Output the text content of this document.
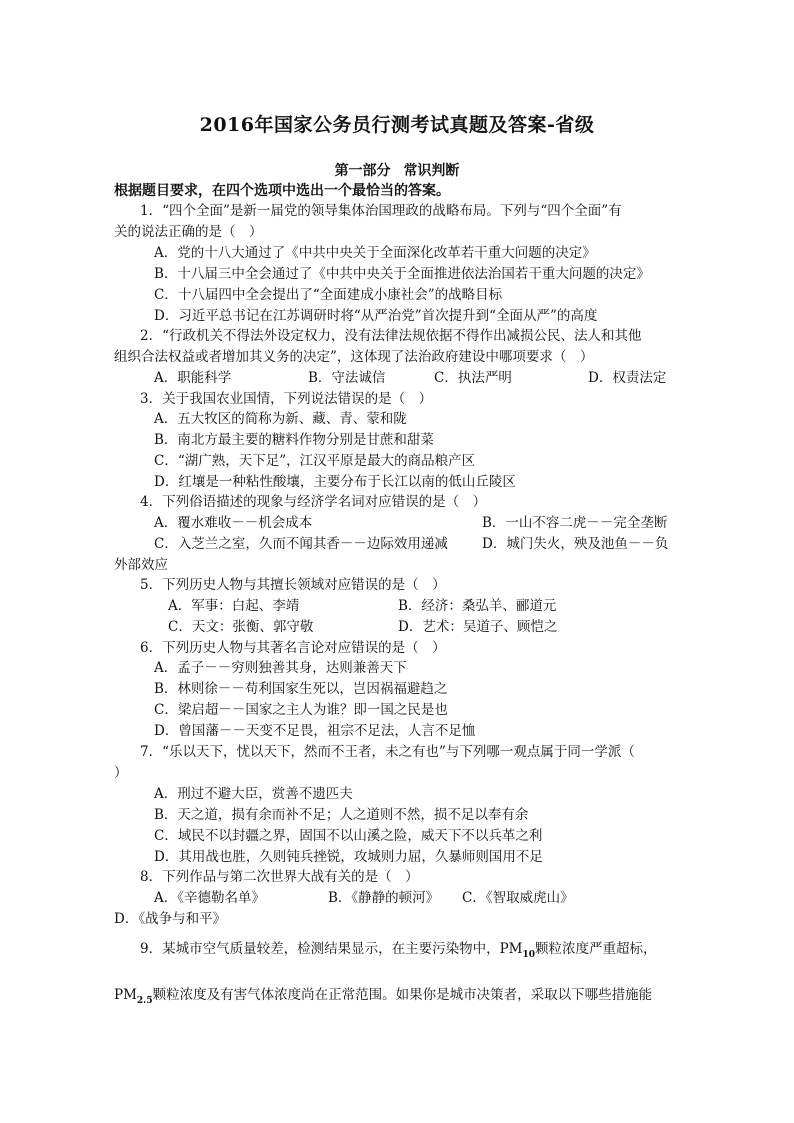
2016年国家公务员行测考试真题及答案-省级
第一部分 常识判断
根据题目要求，在四个选项中选出一个最恰当的答案。
1．“四个全面”是新一届党的领导集体治国理政的战略布局。下列与“四个全面”有
关的说法正确的是（　）
A．党的十八大通过了《中共中央关于全面深化改革若干重大问题的决定》
B．十八届三中全会通过了《中共中央关于全面推进依法治国若干重大问题的决定》
C．十八届四中全会提出了“全面建成小康社会”的战略目标
D．习近平总书记在江苏调研时将“从严治党”首次提升到“全面从严”的高度
2．“行政机关不得法外设定权力，没有法律法规依据不得作出减损公民、法人和其他
组织合法权益或者增加其义务的决定”，这体现了法治政府建设中哪项要求（　）
A．职能科学	B．守法诚信	C．执法严明	D．权责法定
3．关于我国农业国情，下列说法错误的是（　）
A．五大牧区的简称为新、藏、青、蒙和陇
B．南北方最主要的糖料作物分别是甘蔗和甜菜
C．“湖广熟，天下足”，江汉平原是最大的商品粮产区
D．红壤是一种粘性酸壤，主要分布于长江以南的低山丘陵区
4．下列俗语描述的现象与经济学名词对应错误的是（　）
A．覆水难收－－机会成本	B．一山不容二虎－－完全垄断
C．入芝兰之室，久而不闻其香－－边际效用递减	D．城门失火，殃及池鱼－－负
外部效应
5．下列历史人物与其擅长领域对应错误的是（　）
A．军事：白起、李靖	B．经济：桑弘羊、郦道元
C．天文：张衡、郭守敬	D．艺术：吴道子、顾恺之
6．下列历史人物与其著名言论对应错误的是（　）
A．孟子－－穷则独善其身，达则兼善天下
B．林则徐－－苟利国家生死以，岂因祸福避趋之
C．梁启超－－国家之主人为谁？即一国之民是也
D．曾国藩－－天变不足畏，祖宗不足法，人言不足恤
7．“乐以天下，忧以天下，然而不王者，未之有也”与下列哪一观点属于同一学派（
）
A．刑过不避大臣，赏善不遗匹夫
B．天之道，损有余而补不足；人之道则不然，损不足以奉有余
C．域民不以封疆之界，固国不以山溪之险，威天下不以兵革之利
D．其用战也胜，久则钝兵挫锐，攻城则力屈，久暴师则国用不足
8．下列作品与第二次世界大战有关的是（　）
A．《辛德勒名单》	B．《静静的顿河》 C．《智取威虎山》
D．《战争与和平》
9．某城市空气质量较差，检测结果显示，在主要污染物中，$PM_{10}$颗粒浓度严重超标，
$PM_{2.5}$颗粒浓度及有害气体浓度尚在正常范围。如果你是城市决策者，采取以下哪些措施能
